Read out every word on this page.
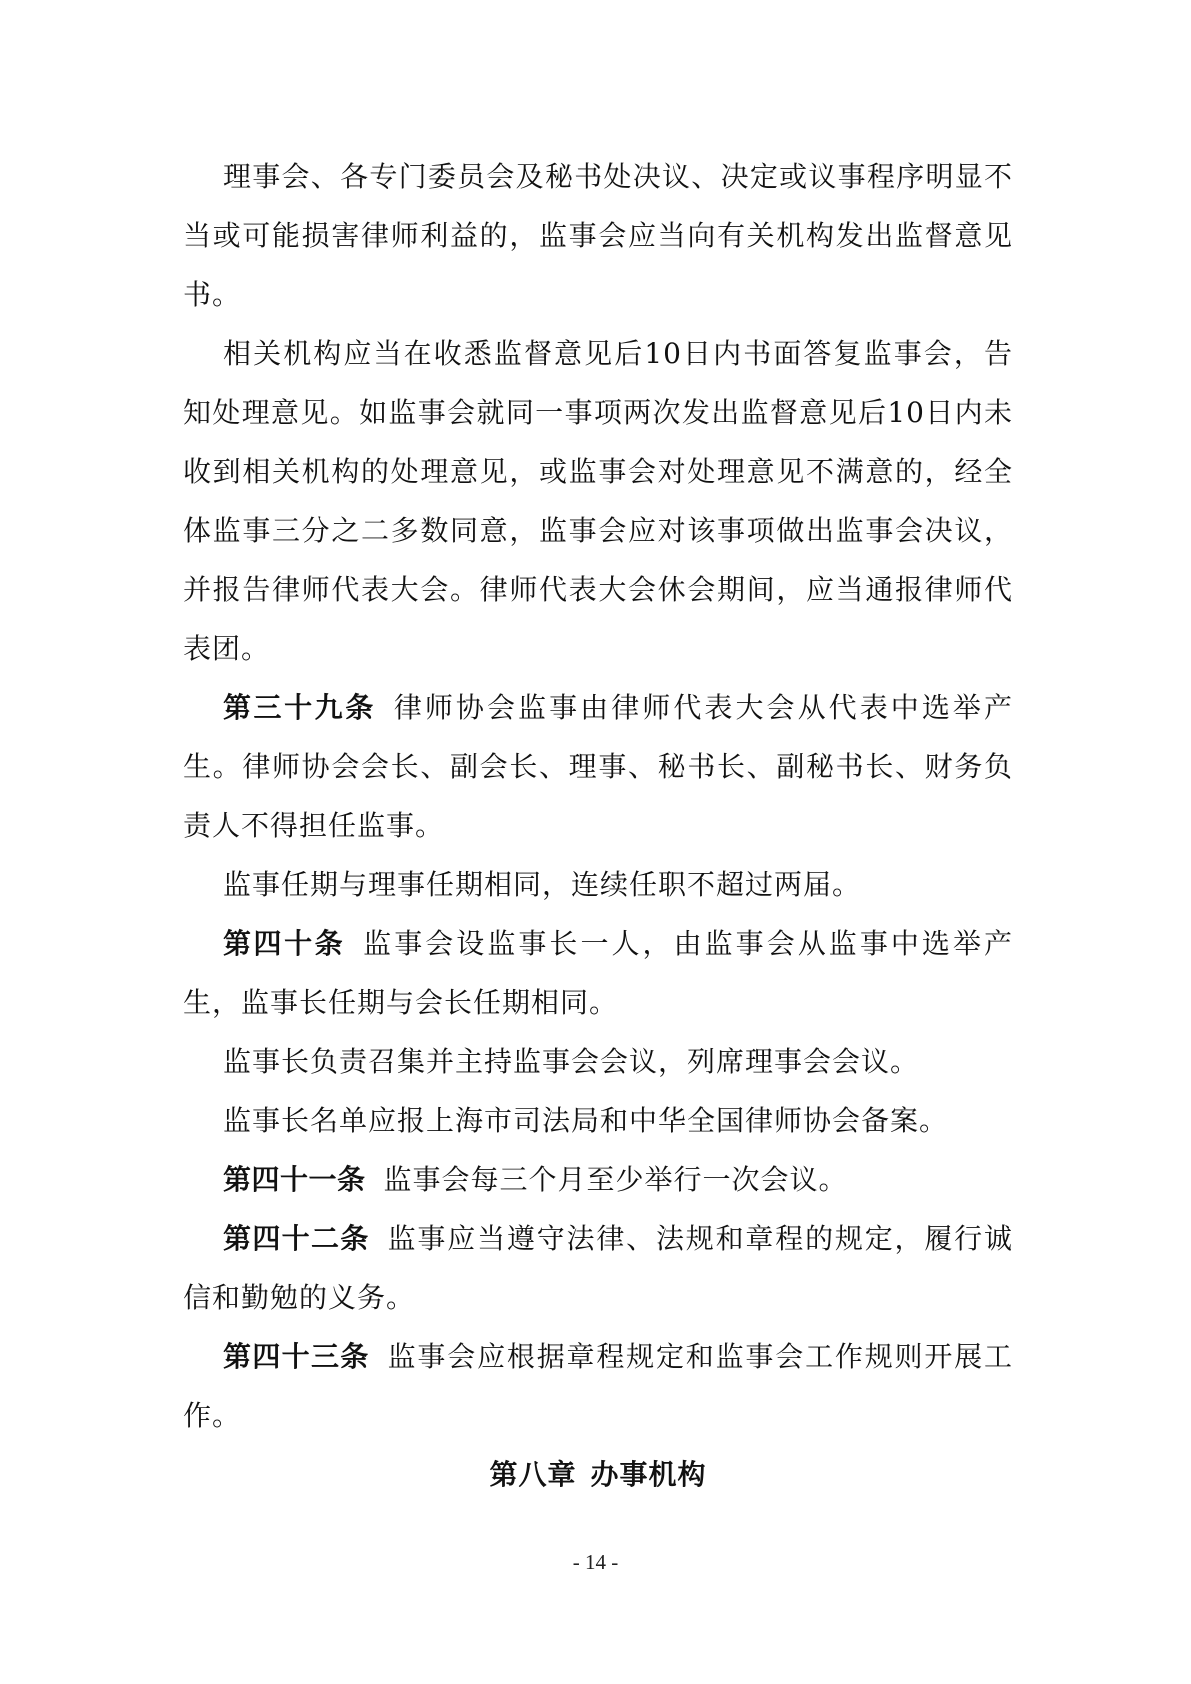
理事会、各专门委员会及秘书处决议、决定或议事程序明显不当或可能损害律师利益的，监事会应当向有关机构发出监督意见书。

相关机构应当在收悉监督意见后10日内书面答复监事会，告知处理意见。如监事会就同一事项两次发出监督意见后10日内未收到相关机构的处理意见，或监事会对处理意见不满意的，经全体监事三分之二多数同意，监事会应对该事项做出监事会决议，并报告律师代表大会。律师代表大会休会期间，应当通报律师代表团。

第三十九条 律师协会监事由律师代表大会从代表中选举产生。律师协会会长、副会长、理事、秘书长、副秘书长、财务负责人不得担任监事。

监事任期与理事任期相同，连续任职不超过两届。

第四十条 监事会设监事长一人，由监事会从监事中选举产生，监事长任期与会长任期相同。

监事长负责召集并主持监事会会议，列席理事会会议。

监事长名单应报上海市司法局和中华全国律师协会备案。

第四十一条 监事会每三个月至少举行一次会议。

第四十二条 监事应当遵守法律、法规和章程的规定，履行诚信和勤勉的义务。

第四十三条 监事会应根据章程规定和监事会工作规则开展工作。

第八章 办事机构

- 14 -
